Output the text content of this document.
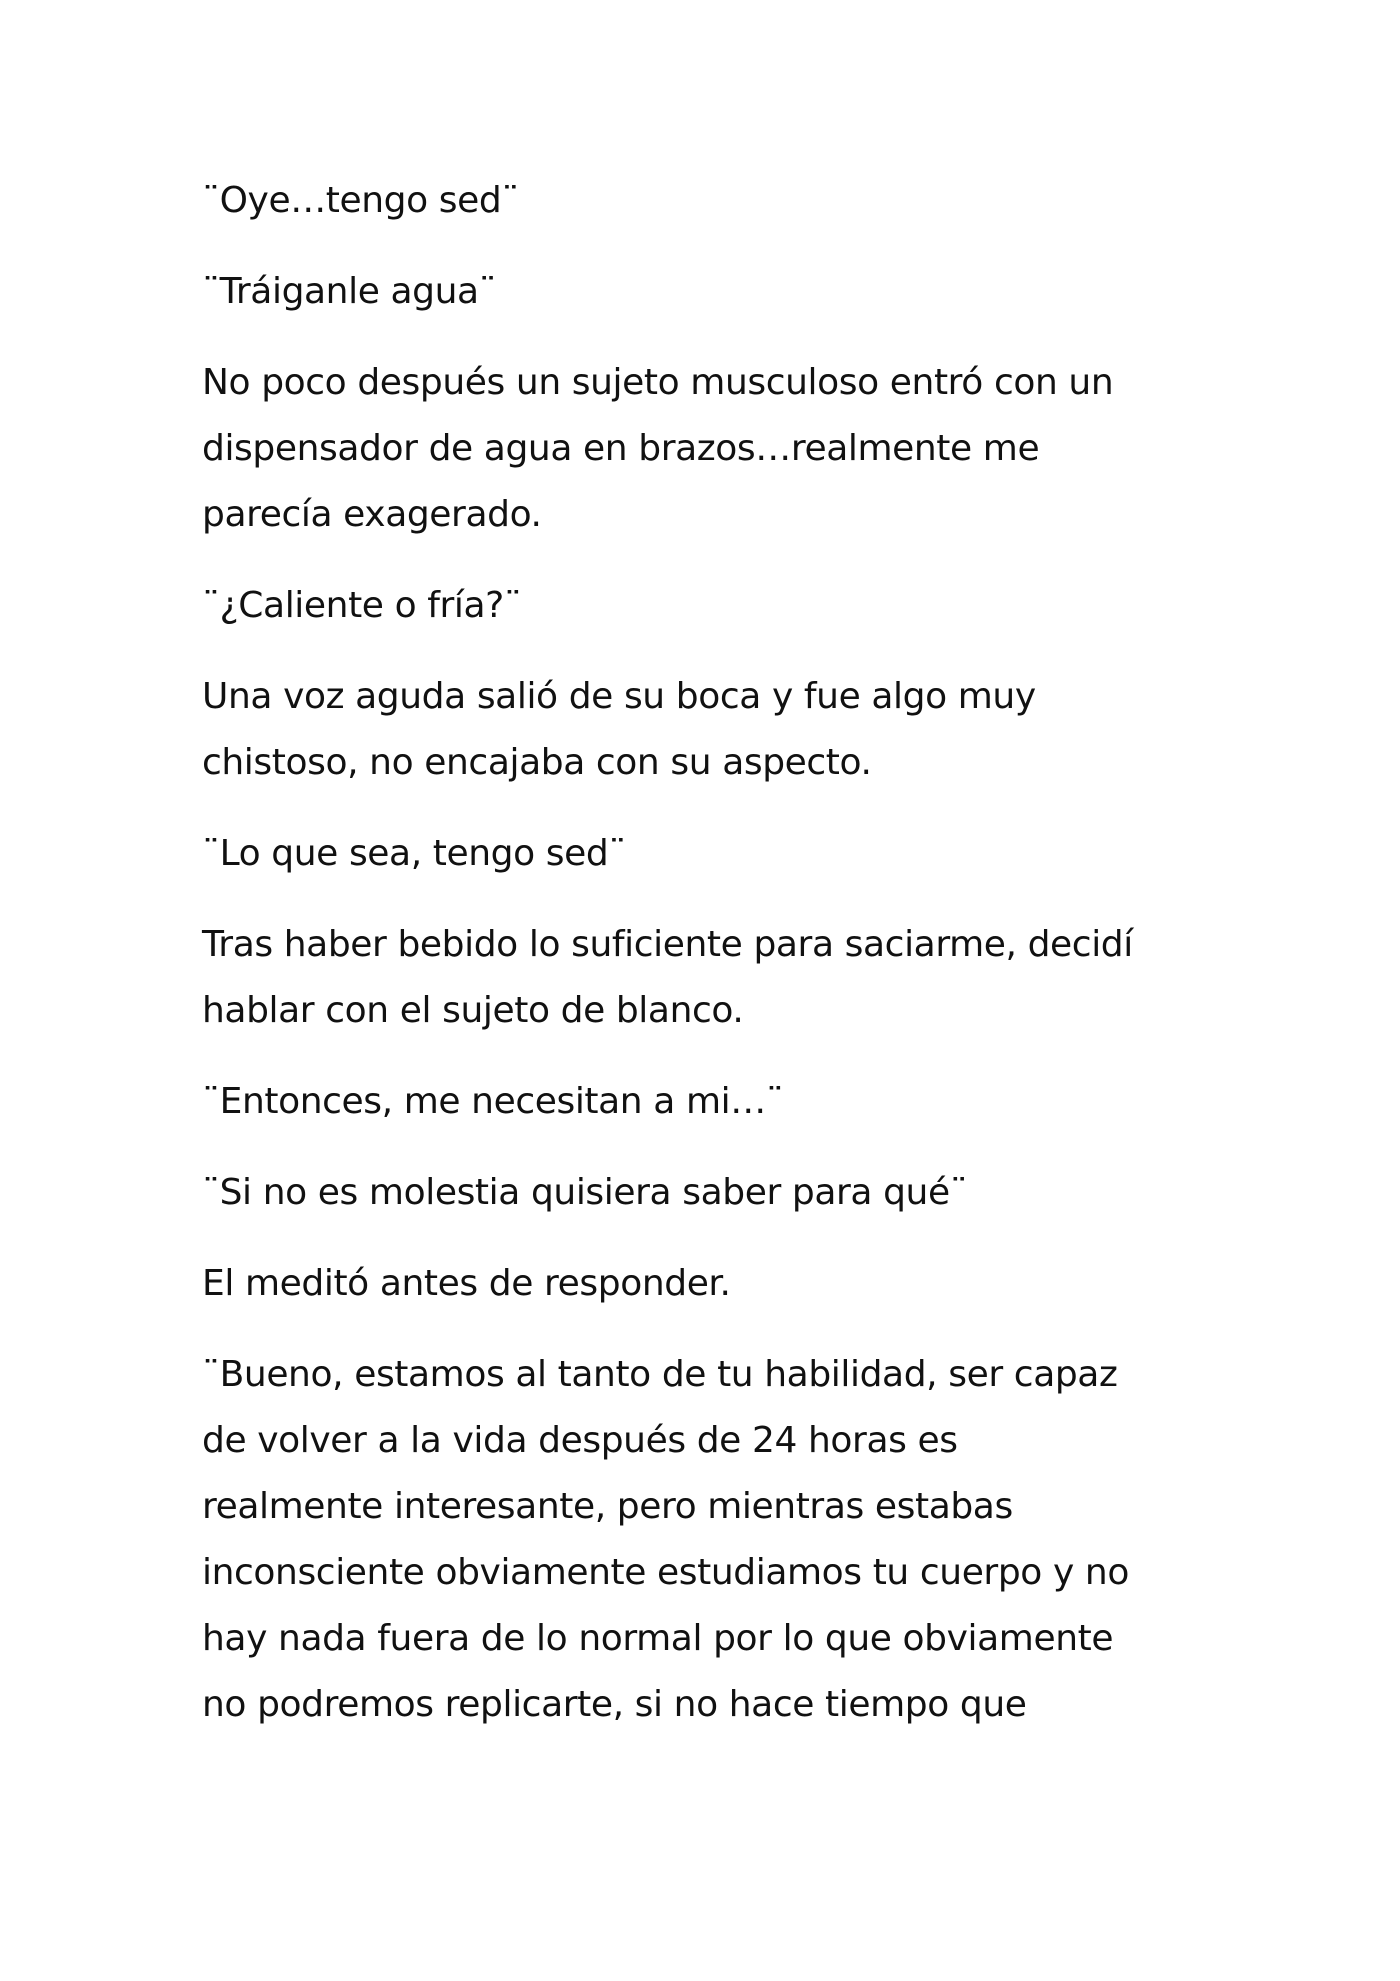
¨Oye…tengo sed¨

¨Tráiganle agua¨

No poco después un sujeto musculoso entró con un
dispensador de agua en brazos…realmente me
parecía exagerado.

¨¿Caliente o fría?¨

Una voz aguda salió de su boca y fue algo muy
chistoso, no encajaba con su aspecto.

¨Lo que sea, tengo sed¨

Tras haber bebido lo suficiente para saciarme, decidí
hablar con el sujeto de blanco.

¨Entonces, me necesitan a mi…¨

¨Si no es molestia quisiera saber para qué¨

El meditó antes de responder.

¨Bueno, estamos al tanto de tu habilidad, ser capaz
de volver a la vida después de 24 horas es
realmente interesante, pero mientras estabas
inconsciente obviamente estudiamos tu cuerpo y no
hay nada fuera de lo normal por lo que obviamente
no podremos replicarte, si no hace tiempo que
